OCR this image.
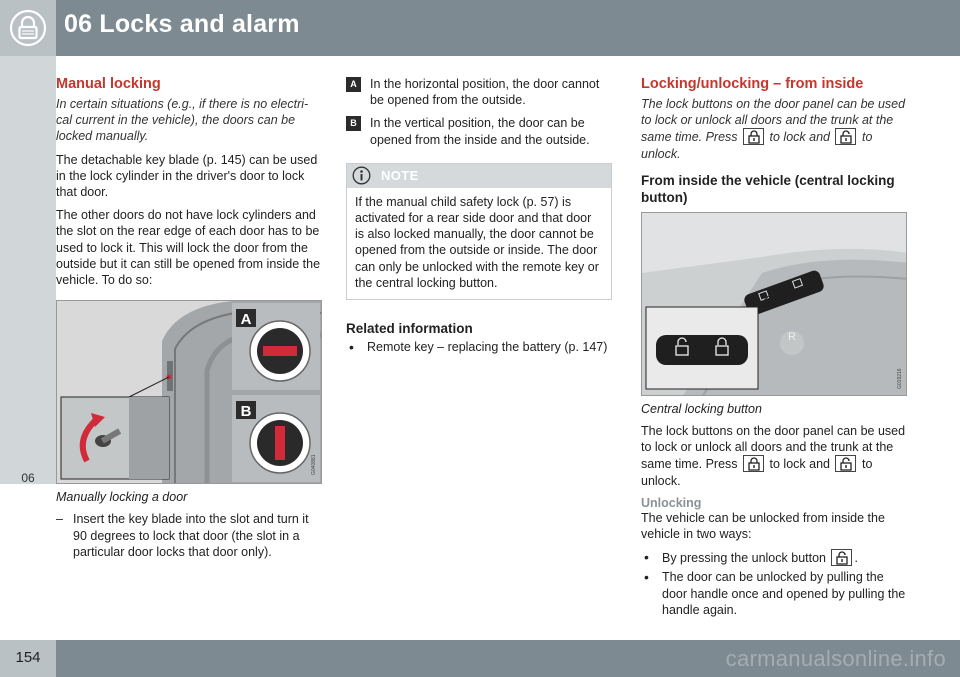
06 Locks and alarm
06
Manual locking

In certain situations (e.g., if there is no electri-cal current in the vehicle), the doors can be locked manually.

The detachable key blade (p. 145) can be used in the lock cylinder in the driver's door to lock that door.

The other doors do not have lock cylinders and the slot on the rear edge of each door has to be used to lock it. This will lock the door from the outside but it can still be opened from inside the vehicle. To do so:

A
B
G040881

Manually locking a door

– Insert the key blade into the slot and turn it 90 degrees to lock that door (the slot in a particular door locks that door only).

A	In the horizontal position, the door cannot be opened from the outside.

B	In the vertical position, the door can be opened from the inside and the outside.

NOTE

If the manual child safety lock (p. 57) is activated for a rear side door and that door is also locked manually, the door cannot be opened from the outside or inside. The door can only be unlocked with the remote key or the central locking button.

Related information
•	Remote key – replacing the battery (p. 147)

Locking/unlocking – from inside

The lock buttons on the door panel can be used to lock or unlock all doors and the trunk at the same time. Press	to lock and	to unlock.

From inside the vehicle (central locking button)
R
G019216

Central locking button

The lock buttons on the door panel can be used to lock or unlock all doors and the trunk at the same time. Press	to lock and	to unlock.

Unlocking

The vehicle can be unlocked from inside the vehicle in two ways:

•	By pressing the unlock button .

•	The door can be unlocked by pulling the door handle once and opened by pulling the handle again.

154	carmanualsonline.info
